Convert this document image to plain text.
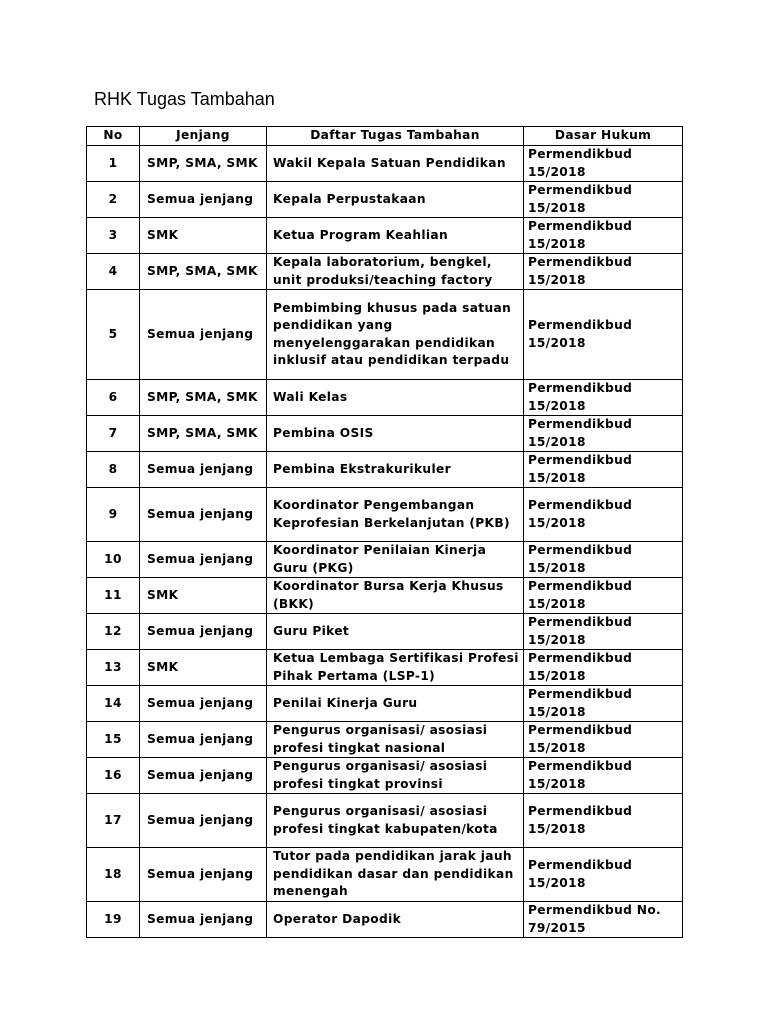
RHK Tugas Tambahan
No	Jenjang	Daftar Tugas Tambahan	Dasar Hukum
1	SMP, SMA, SMK	Wakil Kepala Satuan Pendidikan	Permendikbud 15/2018
2	Semua jenjang	Kepala Perpustakaan	Permendikbud 15/2018
3	SMK	Ketua Program Keahlian	Permendikbud 15/2018
4	SMP, SMA, SMK	Kepala laboratorium, bengkel, unit produksi/teaching factory	Permendikbud 15/2018
5	Semua jenjang	Pembimbing khusus pada satuan pendidikan yang menyelenggarakan pendidikan inklusif atau pendidikan terpadu	Permendikbud 15/2018
6	SMP, SMA, SMK	Wali Kelas	Permendikbud 15/2018
7	SMP, SMA, SMK	Pembina OSIS	Permendikbud 15/2018
8	Semua jenjang	Pembina Ekstrakurikuler	Permendikbud 15/2018
9	Semua jenjang	Koordinator Pengembangan Keprofesian Berkelanjutan (PKB)	Permendikbud 15/2018
10	Semua jenjang	Koordinator Penilaian Kinerja Guru (PKG)	Permendikbud 15/2018
11	SMK	Koordinator Bursa Kerja Khusus (BKK)	Permendikbud 15/2018
12	Semua jenjang	Guru Piket	Permendikbud 15/2018
13	SMK	Ketua Lembaga Sertifikasi Profesi Pihak Pertama (LSP-1)	Permendikbud 15/2018
14	Semua jenjang	Penilai Kinerja Guru	Permendikbud 15/2018
15	Semua jenjang	Pengurus organisasi/ asosiasi profesi tingkat nasional	Permendikbud 15/2018
16	Semua jenjang	Pengurus organisasi/ asosiasi profesi tingkat provinsi	Permendikbud 15/2018
17	Semua jenjang	Pengurus organisasi/ asosiasi profesi tingkat kabupaten/kota	Permendikbud 15/2018
18	Semua jenjang	Tutor pada pendidikan jarak jauh pendidikan dasar dan pendidikan menengah	Permendikbud 15/2018
19	Semua jenjang	Operator Dapodik	Permendikbud No. 79/2015
